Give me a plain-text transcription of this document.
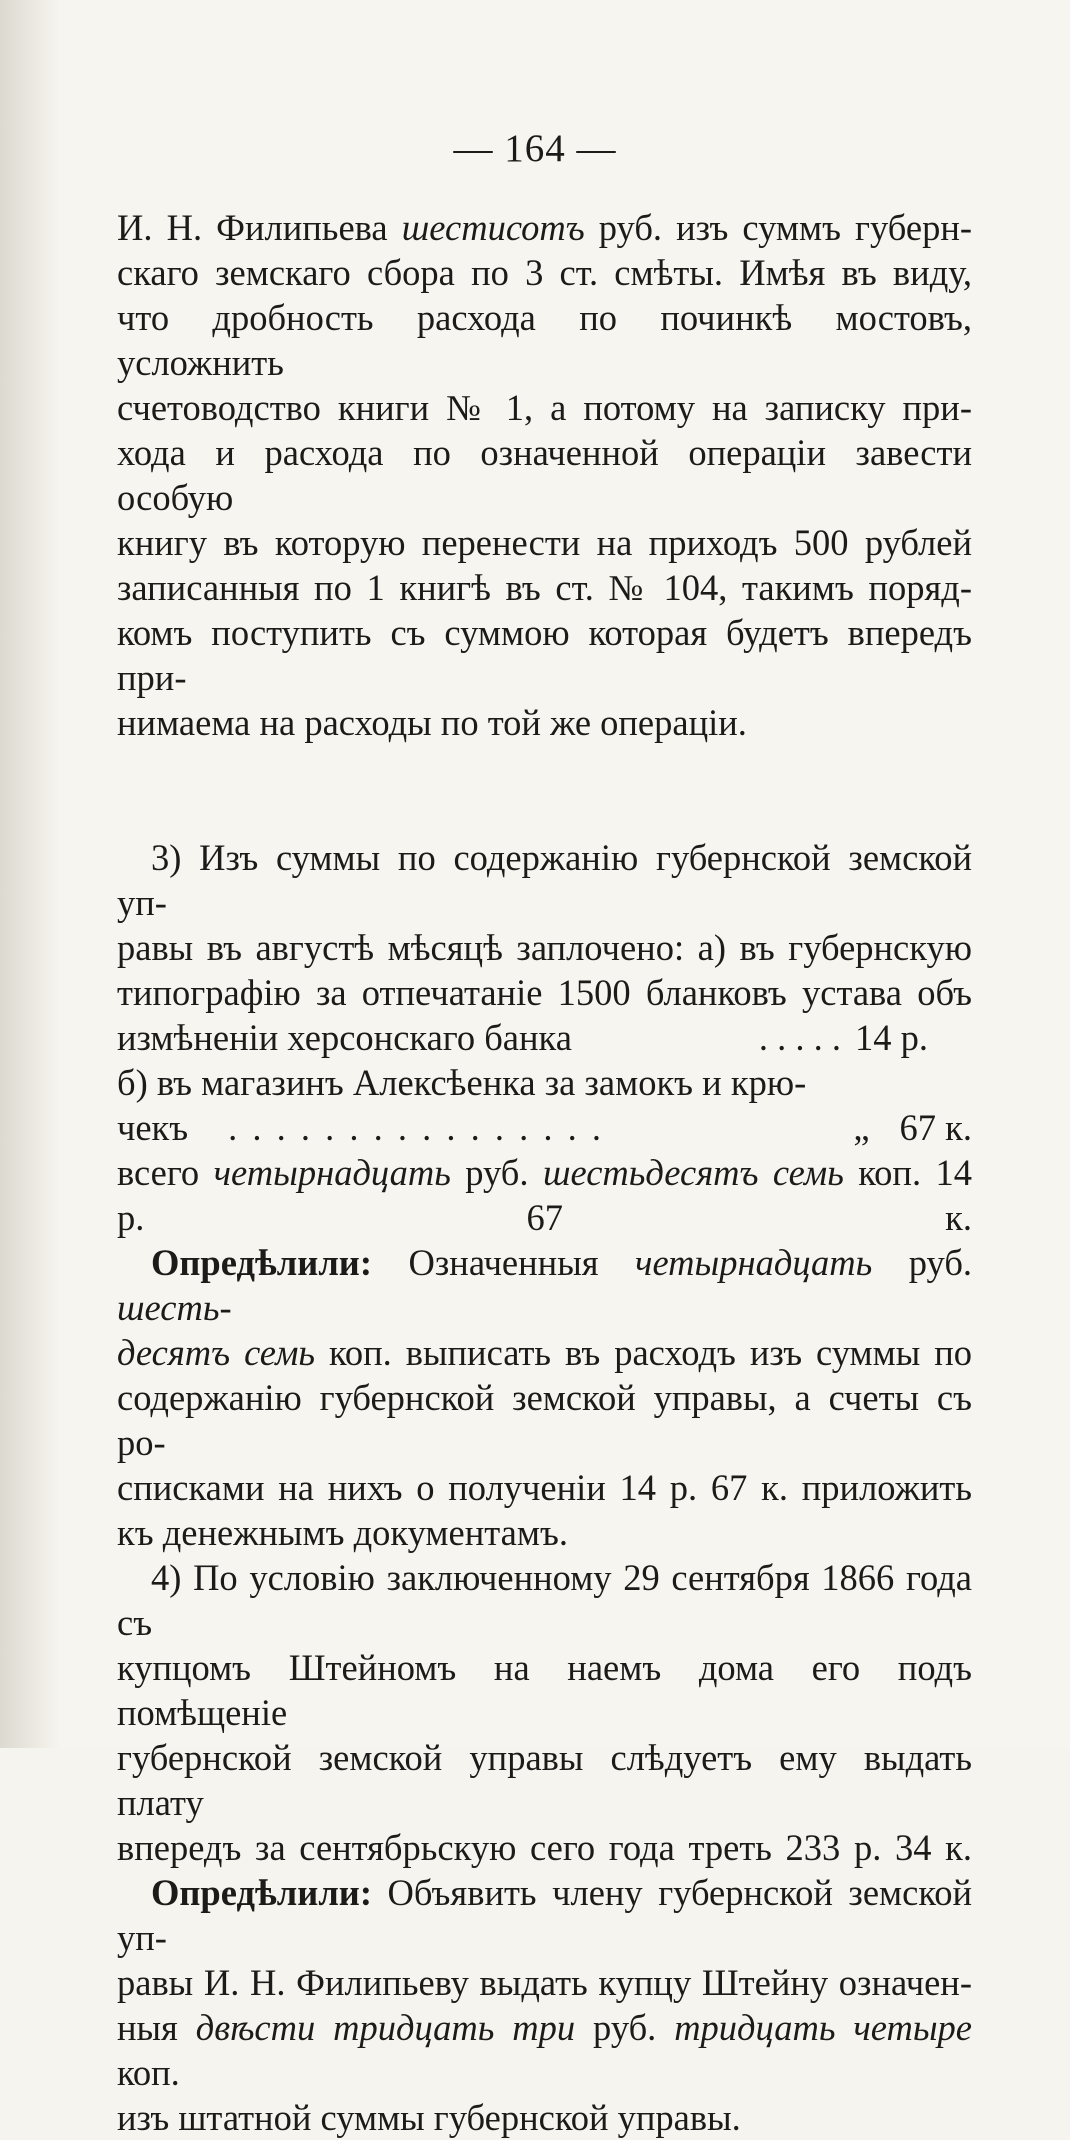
— 164 —

И. Н. Филипьева шестисотъ руб. изъ суммъ губерн-

скаго земскаго сбора по 3 ст. смѣты. Имѣя въ виду,

что дробность расхода по починкѣ мостовъ, усложнить

счетоводство книги № 1, а потому на записку при-

хода и расхода по означенной операціи завести особую

книгу въ которую перенести на приходъ 500 рублей

записанныя по 1 книгѣ въ ст. № 104, такимъ поряд-

комъ поступить съ суммою которая будетъ впередъ при-

нимаема на расходы по той же операціи.

3) Изъ суммы по содержанію губернской земской уп-

равы въ августѣ мѣсяцѣ заплочено: а) въ губернскую

типографію за отпечатаніе 1500 бланковъ устава объ

измѣненіи херсонскаго банка	. . . . . 14 р.

б) въ магазинъ Алексѣенка за замокъ и крю-

чекъ	. . . . . . . . . . . . . . . .	„ 67 к.

всего четырнадцать руб. шестьдесятъ семь коп. 14 р. 67 к.

Опредѣлили: Означенныя четырнадцать руб. шесть-

десятъ семь коп. выписать въ расходъ изъ суммы по

содержанію губернской земской управы, а счеты съ ро-

списками на нихъ о полученіи 14 р. 67 к. приложить

къ денежнымъ документамъ.

4) По условію заключенному 29 сентября 1866 года съ

купцомъ Штейномъ на наемъ дома его подъ помѣщеніе

губернской земской управы слѣдуетъ ему выдать плату

впередъ за сентябрьскую сего года треть 233 р. 34 к.

Опредѣлили: Объявить члену губернской земской уп-

равы И. Н. Филипьеву выдать купцу Штейну означен-

ныя двѣсти тридцать три руб. тридцать четыре коп.

изъ штатной суммы губернской управы.
